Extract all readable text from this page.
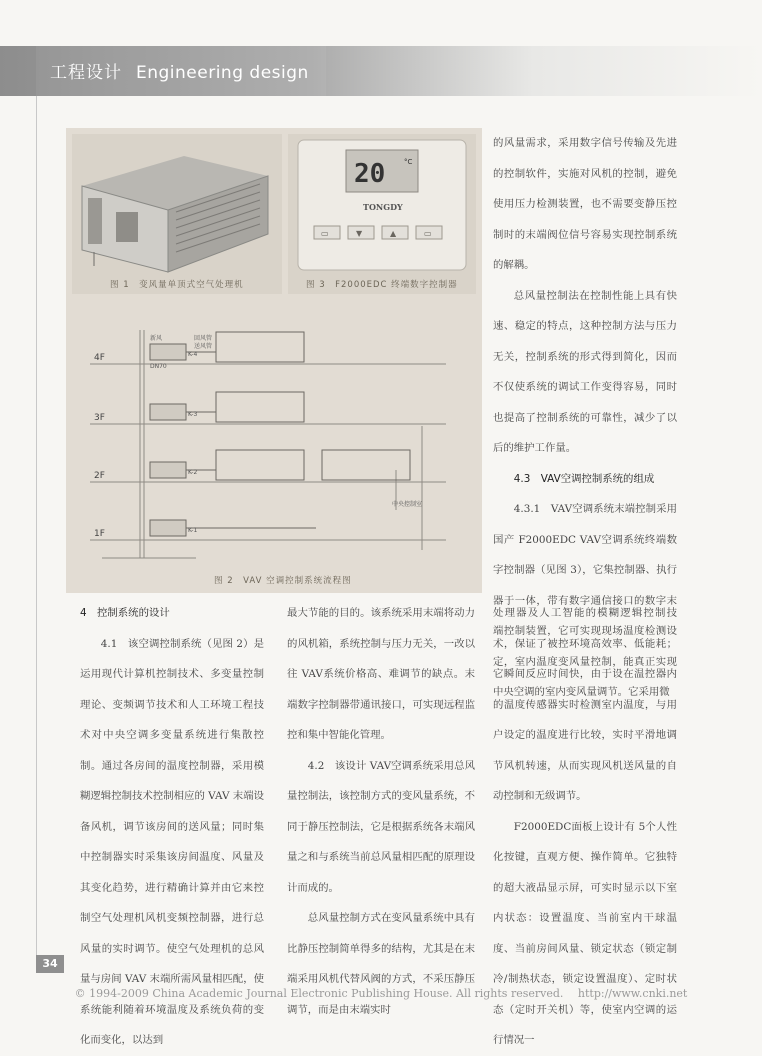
工程设计 Engineering design
20	°C
TONGDY
▭	▼	▲	▭
图 1　变风量单顶式空气处理机	图 3　F2000EDC 终端数字控制器
4F
3F
2F
1F
K-4
K-3
K-2
K-1
新风	回风管
送风管
DN70
中央控制室
图 2　VAV 空调控制系统流程图

的风量需求，采用数字信号传输及先进的控制软件，实施对风机的控制，避免使用压力检测装置，也不需要变静压控制时的末端阀位信号容易实现控制系统的解耦。

总风量控制法在控制性能上具有快速、稳定的特点，这种控制方法与压力无关，控制系统的形式得到简化，因而不仅使系统的调试工作变得容易，同时也提高了控制系统的可靠性，减少了以后的维护工作量。

4.3　VAV空调控制系统的组成

4.3.1　VAV空调系统末端控制采用国产 F2000EDC VAV空调系统终端数字控制器（见图 3），它集控制器、执行器于一体，带有数字通信接口的数字末端控制装置，它可实现现场温度检测设定，室内温度变风量控制，能真正实现中央空调的室内变风量调节。它采用微

4　控制系统的设计

4.1　该空调控制系统（见图 2）是运用现代计算机控制技术、多变量控制理论、变频调节技术和人工环境工程技术对中央空调多变量系统进行集散控制。通过各房间的温度控制器，采用模糊逻辑控制技术控制相应的 VAV 末端设备风机，调节该房间的送风量；同时集中控制器实时采集该房间温度、风量及其变化趋势，进行精确计算并由它来控制空气处理机风机变频控制器，进行总风量的实时调节。使空气处理机的总风量与房间 VAV 末端所需风量相匹配，使系统能利随着环境温度及系统负荷的变化而变化，以达到

最大节能的目的。该系统采用末端将动力的风机箱，系统控制与压力无关，一改以往 VAV系统价格高、难调节的缺点。末端数字控制器带通讯接口，可实现远程监控和集中智能化管理。

4.2　该设计 VAV空调系统采用总风量控制法，该控制方式的变风量系统，不同于静压控制法，它是根据系统各末端风量之和与系统当前总风量相匹配的原理设计而成的。

总风量控制方式在变风量系统中具有比静压控制简单得多的结构，尤其是在末端采用风机代替风阀的方式，不采压静压调节，而是由末端实时

处理器及人工智能的模糊逻辑控制技术，保证了被控环境高效率、低能耗；它瞬间反应时间快，由于设在温控器内的温度传感器实时检测室内温度，与用户设定的温度进行比较，实时平滑地调节风机转速，从而实现风机送风量的自动控制和无级调节。

F2000EDC面板上设计有 5个人性化按键，直观方便、操作简单。它独特的超大液晶显示屏，可实时显示以下室内状态：设置温度、当前室内干球温度、当前房间风量、锁定状态（锁定制冷/制热状态，锁定设置温度）、定时状态（定时开关机）等，使室内空调的运行情况一

34
© 1994-2009 China Academic Journal Electronic Publishing House. All rights reserved.　 http://www.cnki.net
